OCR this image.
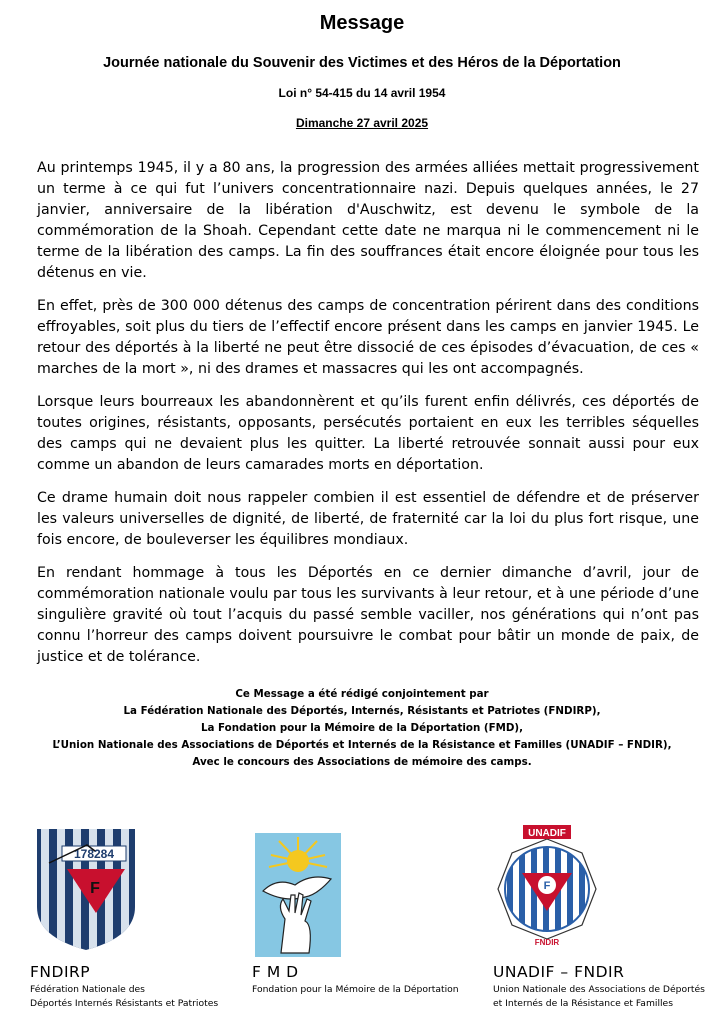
Message
Journée nationale du Souvenir des Victimes et des Héros de la Déportation
Loi n° 54-415 du 14 avril 1954
Dimanche 27 avril 2025

Au printemps 1945, il y a 80 ans, la progression des armées alliées mettait progressivement un terme à ce qui fut l’univers concentrationnaire nazi. Depuis quelques années, le 27 janvier, anniversaire de la libération d'Auschwitz, est devenu le symbole de la commémoration de la Shoah. Cependant cette date ne marqua ni le commencement ni le terme de la libération des camps. La fin des souffrances était encore éloignée pour tous les détenus en vie.

En effet, près de 300 000 détenus des camps de concentration périrent dans des conditions effroyables, soit plus du tiers de l’effectif encore présent dans les camps en janvier 1945. Le retour des déportés à la liberté ne peut être dissocié de ces épisodes d’évacuation, de ces « marches de la mort », ni des drames et massacres qui les ont accompagnés.

Lorsque leurs bourreaux les abandonnèrent et qu’ils furent enfin délivrés, ces déportés de toutes origines, résistants, opposants, persécutés portaient en eux les terribles séquelles des camps qui ne devaient plus les quitter. La liberté retrouvée sonnait aussi pour eux comme un abandon de leurs camarades morts en déportation.

Ce drame humain doit nous rappeler combien il est essentiel de défendre et de préserver les valeurs universelles de dignité, de liberté, de fraternité car la loi du plus fort risque, une fois encore, de bouleverser les équilibres mondiaux.

En rendant hommage à tous les Déportés en ce dernier dimanche d’avril, jour de commémoration nationale voulu par tous les survivants à leur retour, et à une période d’une singulière gravité où tout l’acquis du passé semble vaciller, nos générations qui n’ont pas connu l’horreur des camps doivent poursuivre le combat pour bâtir un monde de paix, de justice et de tolérance.

Ce Message a été rédigé conjointement par
La Fédération Nationale des Déportés, Internés, Résistants et Patriotes (FNDIRP),
La Fondation pour la Mémoire de la Déportation (FMD),
L’Union Nationale des Associations de Déportés et Internés de la Résistance et Familles (UNADIF – FNDIR),
Avec le concours des Associations de mémoire des camps.
178284
F	F
UNADIF
FNDIR
FNDIRP
Fédération Nationale des
Déportés Internés Résistants et Patriotes
F M D
Fondation pour la Mémoire de la Déportation
UNADIF – FNDIR
Union Nationale des Associations de Déportés
et Internés de la Résistance et Familles
